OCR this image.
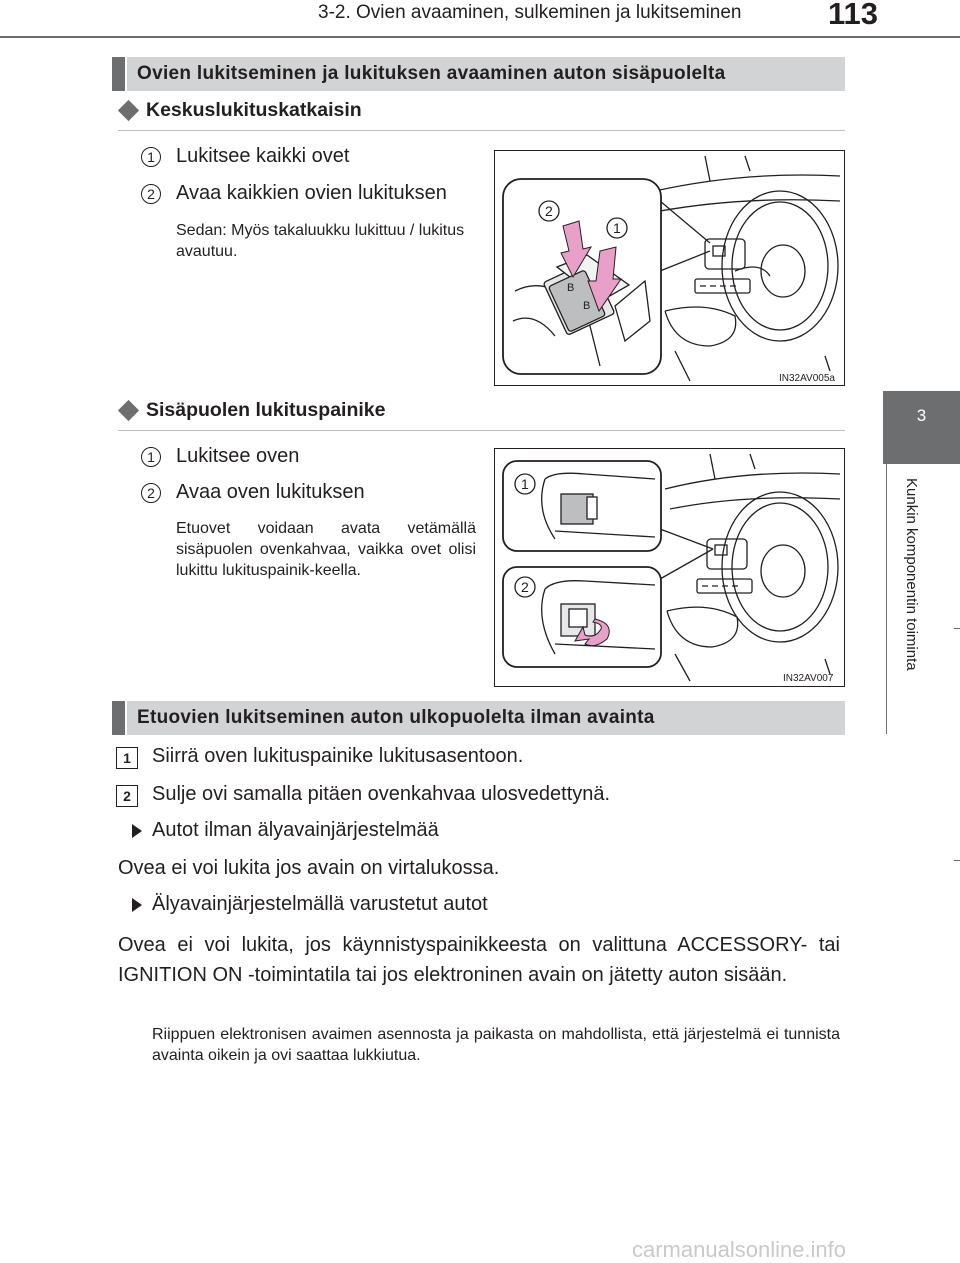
3-2. Ovien avaaminen, sulkeminen ja lukitseminen	113
3
Kunkin komponentin toiminta
Ovien lukitseminen ja lukituksen avaaminen auton sisäpuolelta
Keskuslukituskatkaisin
1	Lukitsee kaikki ovet
2	Avaa kaikkien ovien lukituksen
Sedan: Myös takaluukku lukittuu / lukitus avautuu.
B
B
2
1
IN32AV005a
Sisäpuolen lukituspainike
1	Lukitsee oven
2	Avaa oven lukituksen
Etuovet voidaan avata vetämällä sisäpuolen ovenkahvaa, vaikka ovet olisi lukittu lukituspainik-keella.
1
2
IN32AV007
Etuovien lukitseminen auton ulkopuolelta ilman avainta
1	Siirrä oven lukituspainike lukitusasentoon.
2	Sulje ovi samalla pitäen ovenkahvaa ulosvedettynä.
Autot ilman älyavainjärjestelmää
Ovea ei voi lukita jos avain on virtalukossa.
Älyavainjärjestelmällä varustetut autot
Ovea ei voi lukita, jos käynnistyspainikkeesta on valittuna ACCESSORY- tai IGNITION ON -toimintatila tai jos elektroninen avain on jätetty auton sisään.
Riippuen elektronisen avaimen asennosta ja paikasta on mahdollista, että järjestelmä ei tunnista avainta oikein ja ovi saattaa lukkiutua.
carmanualsonline.info
